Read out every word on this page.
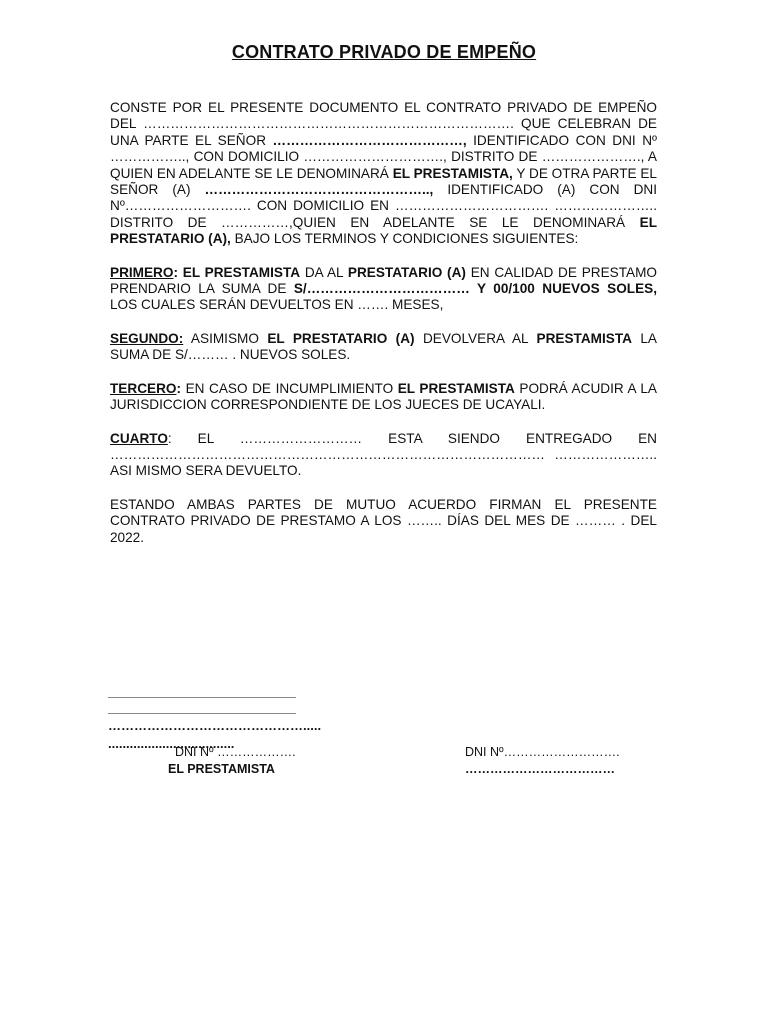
CONTRATO PRIVADO DE EMPEÑO

CONSTE POR EL PRESENTE DOCUMENTO EL CONTRATO PRIVADO DE EMPEÑO DEL ………………………………………………………………………. QUE CELEBRAN DE UNA PARTE EL SEÑOR ……………………………………, IDENTIFICADO CON DNI Nº …………….., CON DOMICILIO …………………………., DISTRITO DE …………………., A QUIEN EN ADELANTE SE LE DENOMINARÁ EL PRESTAMISTA, Y DE OTRA PARTE EL SEÑOR (A) ………………………………………….., IDENTIFICADO (A) CON DNI Nº………………………. CON DOMICILIO EN ……………………………. ………………….. DISTRITO DE ……………,QUIEN EN ADELANTE SE LE DENOMINARÁ EL PRESTATARIO (A), BAJO LOS TERMINOS Y CONDICIONES SIGUIENTES:

PRIMERO: EL PRESTAMISTA DA AL PRESTATARIO (A) EN CALIDAD DE PRESTAMO PRENDARIO LA SUMA DE S/……………………………… Y 00/100 NUEVOS SOLES, LOS CUALES SERÁN DEVUELTOS EN ……. MESES,

SEGUNDO: ASIMISMO EL PRESTATARIO (A) DEVOLVERA AL PRESTAMISTA LA SUMA DE S/……… . NUEVOS SOLES.

TERCERO: EN CASO DE INCUMPLIMIENTO EL PRESTAMISTA PODRÁ ACUDIR A LA JURISDICCION CORRESPONDIENTE DE LOS JUECES DE UCAYALI.

CUARTO: EL ……………………… ESTA SIENDO ENTREGADO EN …………………………………………………………………………………… ………………….. ASI MISMO SERA DEVUELTO.

ESTANDO AMBAS PARTES DE MUTUO ACUERDO FIRMAN EL PRESENTE CONTRATO PRIVADO DE PRESTAMO A LOS …….. DÍAS DEL MES DE ……… . DEL 2022.

__________________________
__________________________
……………………………………….....
...................................
DNI Nº ……………….
EL PRESTAMISTA
DNI Nº……………………….
………………………………
